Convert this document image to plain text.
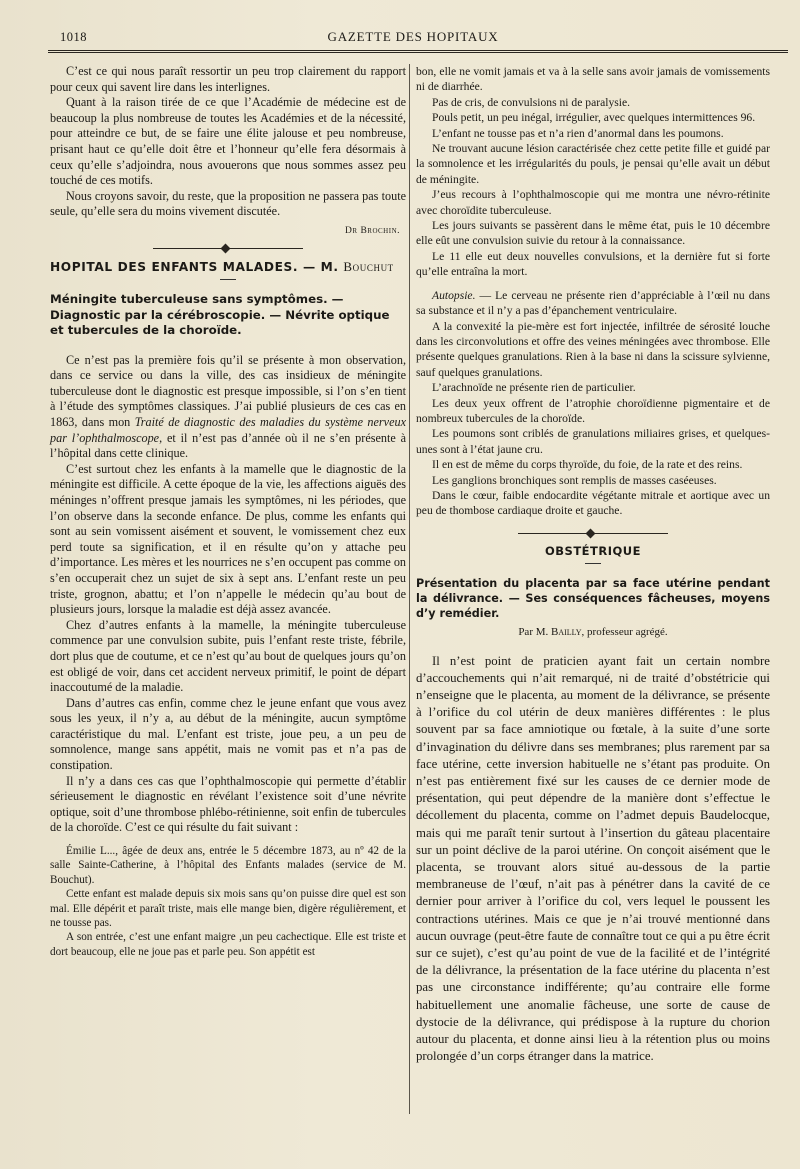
1018	GAZETTE DES HOPITAUX

C’est ce qui nous paraît ressortir un peu trop clairement du rapport pour ceux qui savent lire dans les interlignes.

Quant à la raison tirée de ce que l’Académie de médecine est de beaucoup la plus nombreuse de toutes les Académies et de la nécessité, pour atteindre ce but, de se faire une élite jalouse et peu nombreuse, prisant haut ce qu’elle doit être et l’honneur qu’elle fera désormais à ceux qu’elle s’adjoindra, nous avouerons que nous sommes assez peu touché de ces motifs.

Nous croyons savoir, du reste, que la proposition ne passera pas toute seule, qu’elle sera du moins vivement discutée.

Dr Brochin.
HOPITAL DES ENFANTS MALADES. — M. Bouchut
Méningite tuberculeuse sans symptômes. — Diagnostic par la cérébroscopie. — Névrite optique et tubercules de la choroïde.

Ce n’est pas la première fois qu’il se présente à mon observation, dans ce service ou dans la ville, des cas insidieux de méningite tuberculeuse dont le diagnostic est presque impossible, si l’on s’en tient à l’étude des symptômes classiques. J’ai publié plusieurs de ces cas en 1863, dans mon Traité de diagnostic des maladies du système nerveux par l’ophthalmoscope, et il n’est pas d’année où il ne s’en présente à l’hôpital dans cette clinique.

C’est surtout chez les enfants à la mamelle que le diagnostic de la méningite est difficile. A cette époque de la vie, les affections aiguës des méninges n’offrent presque jamais les symptômes, ni les périodes, que l’on observe dans la seconde enfance. De plus, comme les enfants qui sont au sein vomissent aisément et souvent, le vomissement chez eux perd toute sa signification, et il en résulte qu’on y attache peu d’importance. Les mères et les nourrices ne s’en occupent pas comme on s’en occuperait chez un sujet de six à sept ans. L’enfant reste un peu triste, grognon, abattu; et l’on n’appelle le médecin qu’au bout de plusieurs jours, lorsque la maladie est déjà assez avancée.

Chez d’autres enfants à la mamelle, la méningite tuberculeuse commence par une convulsion subite, puis l’enfant reste triste, fébrile, dort plus que de coutume, et ce n’est qu’au bout de quelques jours qu’on est obligé de voir, dans cet accident nerveux primitif, le point de départ inaccoutumé de la maladie.

Dans d’autres cas enfin, comme chez le jeune enfant que vous avez sous les yeux, il n’y a, au début de la méningite, aucun symptôme caractéristique du mal. L’enfant est triste, joue peu, a un peu de somnolence, mange sans appétit, mais ne vomit pas et n’a pas de constipation.

Il n’y a dans ces cas que l’ophthalmoscopie qui permette d’établir sérieusement le diagnostic en révélant l’existence soit d’une névrite optique, soit d’une thrombose phlébo-rétinienne, soit enfin de tubercules de la choroïde. C’est ce qui résulte du fait suivant :

Émilie L..., âgée de deux ans, entrée le 5 décembre 1873, au nº 42 de la salle Sainte-Catherine, à l’hôpital des Enfants malades (service de M. Bouchut).

Cette enfant est malade depuis six mois sans qu’on puisse dire quel est son mal. Elle dépérit et paraît triste, mais elle mange bien, digère régulièrement, et ne tousse pas.

A son entrée, c’est une enfant maigre ,un peu cachectique. Elle est triste et dort beaucoup, elle ne joue pas et parle peu. Son appétit est

bon, elle ne vomit jamais et va à la selle sans avoir jamais de vomissements ni de diarrhée.

Pas de cris, de convulsions ni de paralysie.

Pouls petit, un peu inégal, irrégulier, avec quelques intermittences 96.

L’enfant ne tousse pas et n’a rien d’anormal dans les poumons.

Ne trouvant aucune lésion caractérisée chez cette petite fille et guidé par la somnolence et les irrégularités du pouls, je pensai qu’elle avait un début de méningite.

J’eus recours à l’ophthalmoscopie qui me montra une névro-rétinite avec choroïdite tuberculeuse.

Les jours suivants se passèrent dans le même état, puis le 10 décembre elle eût une convulsion suivie du retour à la connaissance.

Le 11 elle eut deux nouvelles convulsions, et la dernière fut si forte qu’elle entraîna la mort.

Autopsie. — Le cerveau ne présente rien d’appréciable à l’œil nu dans sa substance et il n’y a pas d’épanchement ventriculaire.

A la convexité la pie-mère est fort injectée, infiltrée de sérosité louche dans les circonvolutions et offre des veines méningées avec thrombose. Elle présente quelques granulations. Rien à la base ni dans la scissure sylvienne, sauf quelques granulations.

L’arachnoïde ne présente rien de particulier.

Les deux yeux offrent de l’atrophie choroïdienne pigmentaire et de nombreux tubercules de la choroïde.

Les poumons sont criblés de granulations miliaires grises, et quelques-unes sont à l’état jaune cru.

Il en est de même du corps thyroïde, du foie, de la rate et des reins.

Les ganglions bronchiques sont remplis de masses caséeuses.

Dans le cœur, faible endocardite végétante mitrale et aortique avec un peu de thombose cardiaque droite et gauche.

OBSTÉTRIQUE
Présentation du placenta par sa face utérine pendant la délivrance. — Ses conséquences fâcheuses, moyens d’y remédier.
Par M. Bailly, professeur agrégé.

Il n’est point de praticien ayant fait un certain nombre d’accouchements qui n’ait remarqué, ni de traité d’obstétricie qui n’enseigne que le placenta, au moment de la délivrance, se présente à l’orifice du col utérin de deux manières différentes : le plus souvent par sa face amniotique ou fœtale, à la suite d’une sorte d’invagination du délivre dans ses membranes; plus rarement par sa face utérine, cette inversion habituelle ne s’étant pas produite. On n’est pas entièrement fixé sur les causes de ce dernier mode de présentation, qui peut dépendre de la manière dont s’effectue le décollement du placenta, comme on l’admet depuis Baudelocque, mais qui me paraît tenir surtout à l’insertion du gâteau placentaire sur un point déclive de la paroi utérine. On conçoit aisément que le placenta, se trouvant alors situé au-dessous de la partie membraneuse de l’œuf, n’ait pas à pénétrer dans la cavité de ce dernier pour arriver à l’orifice du col, vers lequel le poussent les contractions utérines. Mais ce que je n’ai trouvé mentionné dans aucun ouvrage (peut-être faute de connaître tout ce qui a pu être écrit sur ce sujet), c’est qu’au point de vue de la facilité et de l’intégrité de la délivrance, la présentation de la face utérine du placenta n’est pas une circonstance indifférente; qu’au contraire elle forme habituellement une anomalie fâcheuse, une sorte de cause de dystocie de la délivrance, qui prédispose à la rupture du chorion autour du placenta, et donne ainsi lieu à la rétention plus ou moins prolongée d’un corps étranger dans la matrice.
